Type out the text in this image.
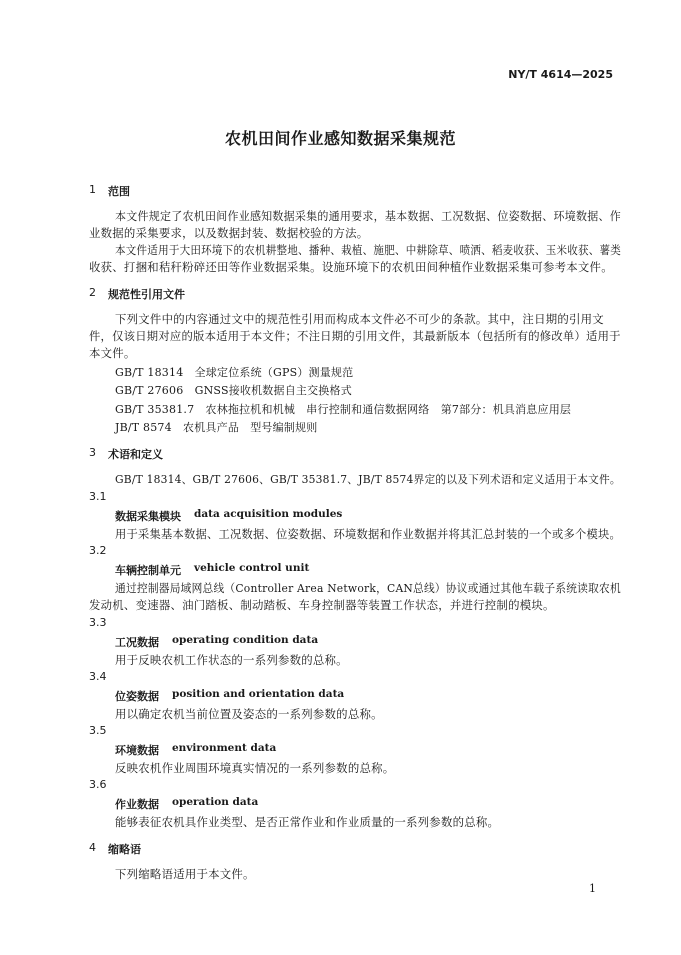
NY/T 4614—2025
农机田间作业感知数据采集规范
1 范围
本文件规定了农机田间作业感知数据采集的通用要求，基本数据、工况数据、位姿数据、环境数据、作
业数据的采集要求，以及数据封装、数据校验的方法。
本文件适用于大田环境下的农机耕整地、播种、栽植、施肥、中耕除草、喷洒、稻麦收获、玉米收获、薯类
收获、打捆和秸秆粉碎还田等作业数据采集。设施环境下的农机田间种植作业数据采集可参考本文件。
2 规范性引用文件
下列文件中的内容通过文中的规范性引用而构成本文件必不可少的条款。其中，注日期的引用文
件，仅该日期对应的版本适用于本文件；不注日期的引用文件，其最新版本（包括所有的修改单）适用于
本文件。
GB/T 18314　全球定位系统（GPS）测量规范
GB/T 27606　GNSS接收机数据自主交换格式
GB/T 35381.7　农林拖拉机和机械　串行控制和通信数据网络　第7部分：机具消息应用层
JB/T 8574　农机具产品　型号编制规则
3 术语和定义
GB/T 18314、GB/T 27606、GB/T 35381.7、JB/T 8574界定的以及下列术语和定义适用于本文件。
3.1
数据采集模块 data acquisition modules
用于采集基本数据、工况数据、位姿数据、环境数据和作业数据并将其汇总封装的一个或多个模块。
3.2
车辆控制单元 vehicle control unit
通过控制器局域网总线（Controller Area Network，CAN总线）协议或通过其他车载子系统读取农机
发动机、变速器、油门踏板、制动踏板、车身控制器等装置工作状态，并进行控制的模块。
3.3
工况数据 operating condition data
用于反映农机工作状态的一系列参数的总称。
3.4
位姿数据 position and orientation data
用以确定农机当前位置及姿态的一系列参数的总称。
3.5
环境数据 environment data
反映农机作业周围环境真实情况的一系列参数的总称。
3.6
作业数据 operation data
能够表征农机具作业类型、是否正常作业和作业质量的一系列参数的总称。
4 缩略语
下列缩略语适用于本文件。
1
